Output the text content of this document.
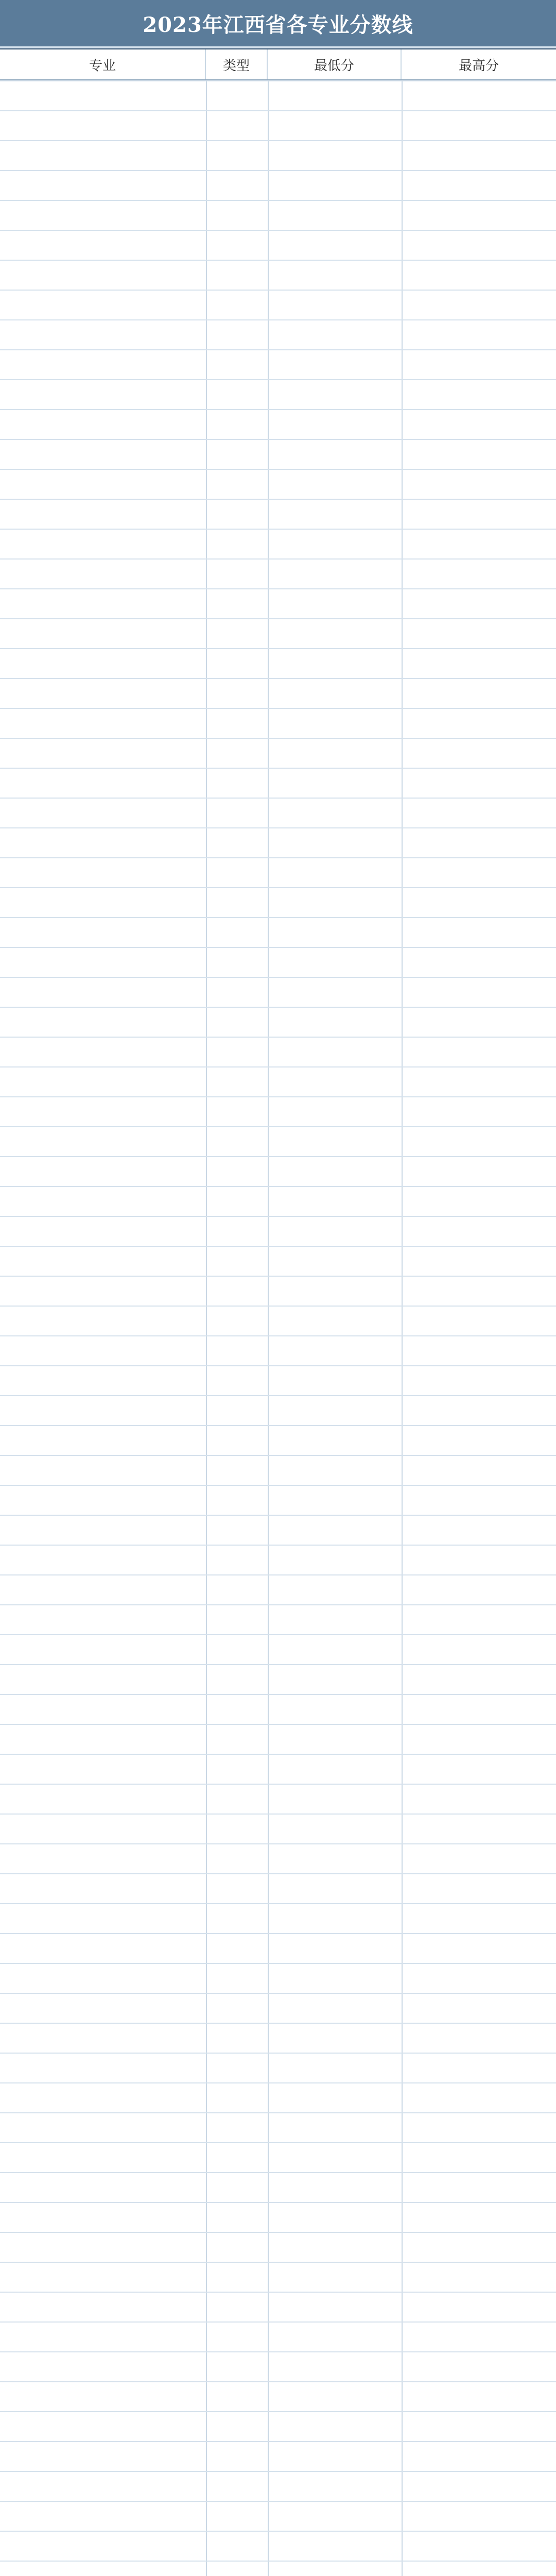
2023年江西省各专业分数线
专业	类型	最低分	最高分
